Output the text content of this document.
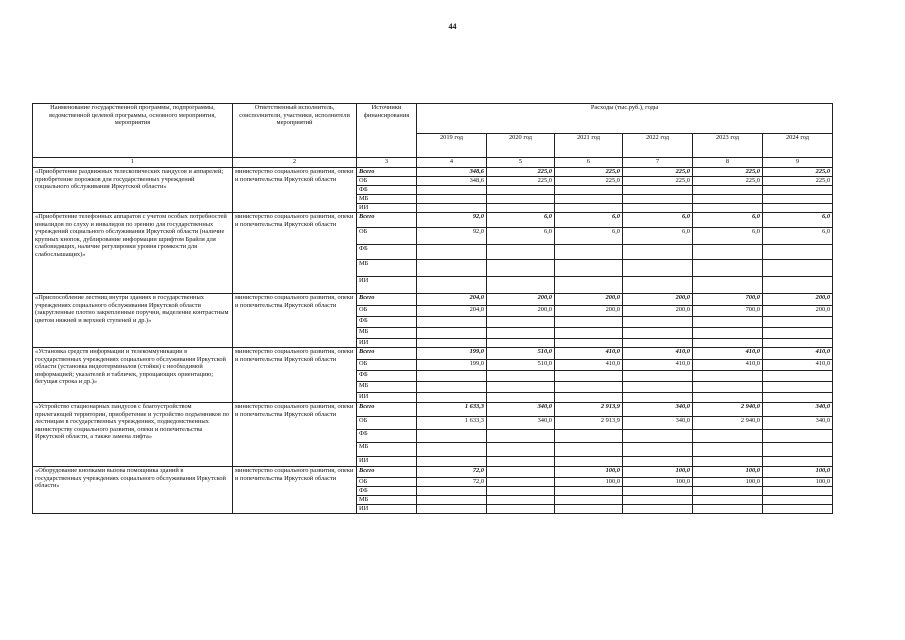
44
Наименование государственной программы, подпрограммы, ведомственной целевой программы, основного мероприятия, мероприятия	Ответственный исполнитель, соисполнители, участники, исполнители мероприятий	Источники финансирования	Расходы (тыс.руб.), годы					
			2019 год	2020 год	2021 год	2022 год	2023 год	2024 год
1	2	3	4	5	6	7	8	9
«Приобретение раздвижных телескопических пандусов и аппарелей; приобретение порожков для государственных учреждений социального обслуживания Иркутской области»	министерство социального развития, опеки и попечительства Иркутской области	Всего	348,6	225,0	225,0	225,0	225,0	225,0
		ОБ	348,6	225,0	225,0	225,0	225,0	225,0
		ФБ						
		МБ						
		ИИ						
«Приобретение телефонных аппаратов с учетом особых потребностей инвалидов по слуху и инвалидов по зрению для государственных учреждений социального обслуживания Иркутской области (наличие крупных кнопок, дублирование информации шрифтом Брайля для слабовидящих, наличие регулировки уровня громкости для слабослышащих)»	министерство социального развития, опеки и попечительства Иркутской области	Всего	92,0	6,0	6,0	6,0	6,0	6,0
		ОБ	92,0	6,0	6,0	6,0	6,0	6,0
		ФБ						
		МБ						
		ИИ						
«Приспособление лестниц внутри зданиях в государственных учреждениях социального обслуживания Иркутской области (закругленные плотно закрепленные поручни, выделение контрастным цветом нижней и верхней ступеней и др.)»	министерство социального развития, опеки и попечительства Иркутской области	Всего	204,0	200,0	200,0	200,0	700,0	200,0
		ОБ	204,0	200,0	200,0	200,0	700,0	200,0
		ФБ						
		МБ						
		ИИ						
«Установка средств информации и телекоммуникации в государственных учреждениях социального обслуживания Иркутской области (установка видеотерминалов (стойки) с необходимой информацией; указателей и табличек, упрощающих ориентацию; бегущая строка и др.)»	министерство социального развития, опеки и попечительства Иркутской области	Всего	199,0	510,0	410,0	410,0	410,0	410,0
		ОБ	199,0	510,0	410,0	410,0	410,0	410,0
		ФБ						
		МБ						
		ИИ						
«Устройство стационарных пандусов с благоустройством прилегающей территории, приобретение и устройство подъемников по лестницам в государственных учреждениях, подведомственных министерству социального развития, опеки и попечительства Иркутской области, а также замена лифта»	министерство социального развития, опеки и попечительства Иркутской области	Всего	1 633,3	340,0	2 913,9	340,0	2 940,0	340,0
		ОБ	1 633,3	340,0	2 913,9	340,0	2 940,0	340,0
		ФБ						
		МБ						
		ИИ						
«Оборудование кнопками вызова помощника зданий в государственных учреждениях социального обслуживания Иркутской области»	министерство социального развития, опеки и попечительства Иркутской области	Всего	72,0		100,0	100,0	100,0	100,0
		ОБ	72,0		100,0	100,0	100,0	100,0
		ФБ						
		МБ						
		ИИ						
